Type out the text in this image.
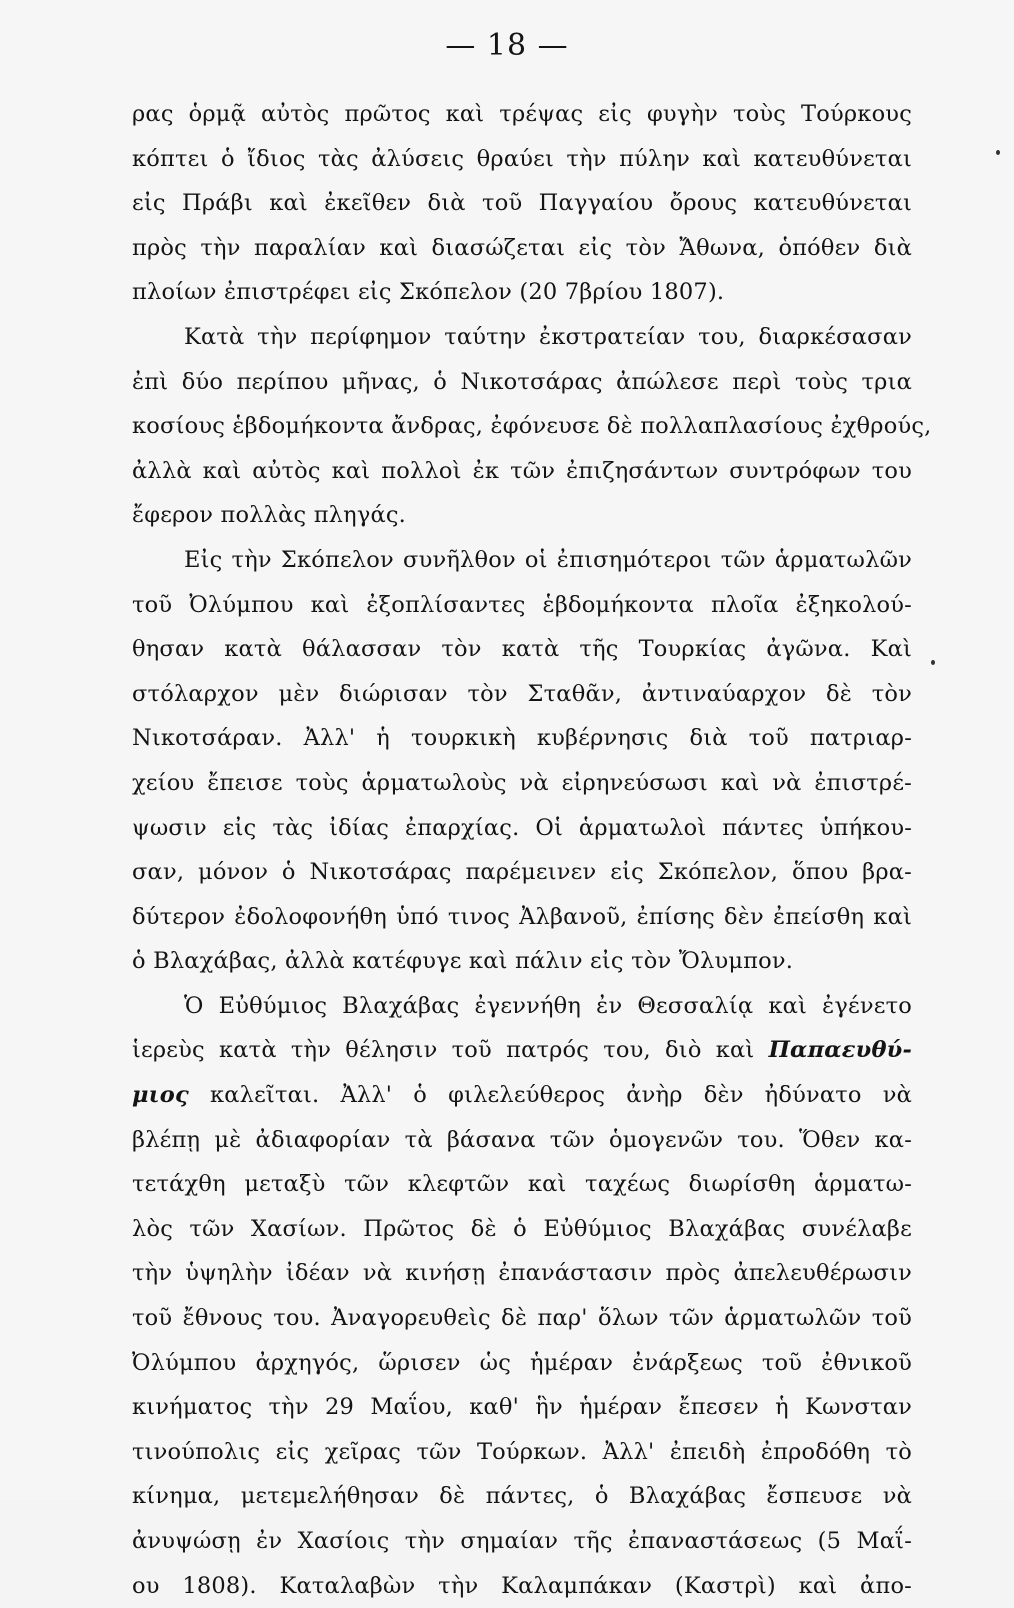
— 18 —
ρας ὁρμᾷ αὐτὸς πρῶτος καὶ τρέψας εἰς φυγὴν τοὺς Τούρκους
κόπτει ὁ ἴδιος τὰς ἀλύσεις θραύει τὴν πύλην καὶ κατευθύνεται
εἰς Πράβι καὶ ἐκεῖθεν διὰ τοῦ Παγγαίου ὄρους κατευθύνεται
πρὸς τὴν παραλίαν καὶ διασώζεται εἰς τὸν Ἄθωνα, ὁπόθεν διὰ
πλοίων ἐπιστρέφει εἰς Σκόπελον (20 7βρίου 1807).
Κατὰ τὴν περίφημον ταύτην ἐκστρατείαν του, διαρκέσασαν
ἐπὶ δύο περίπου μῆνας, ὁ Νικοτσάρας ἀπώλεσε περὶ τοὺς τρια
κοσίους ἑβδομήκοντα ἄνδρας, ἐφόνευσε δὲ πολλαπλασίους ἐχθρούς,
ἀλλὰ καὶ αὐτὸς καὶ πολλοὶ ἐκ τῶν ἐπιζησάντων συντρόφων του
ἔφερον πολλὰς πληγάς.
Εἰς τὴν Σκόπελον συνῆλθον οἱ ἐπισημότεροι τῶν ἁρματωλῶν
τοῦ Ὀλύμπου καὶ ἐξοπλίσαντες ἑβδομήκοντα πλοῖα ἐξηκολού-
θησαν κατὰ θάλασσαν τὸν κατὰ τῆς Τουρκίας ἀγῶνα. Καὶ
στόλαρχον μὲν διώρισαν τὸν Σταθᾶν, ἀντιναύαρχον δὲ τὸν
Νικοτσάραν. Ἀλλ' ἡ τουρκικὴ κυβέρνησις διὰ τοῦ πατριαρ-
χείου ἔπεισε τοὺς ἁρματωλοὺς νὰ εἰρηνεύσωσι καὶ νὰ ἐπιστρέ-
ψωσιν εἰς τὰς ἰδίας ἐπαρχίας. Οἱ ἁρματωλοὶ πάντες ὑπήκου-
σαν, μόνον ὁ Νικοτσάρας παρέμεινεν εἰς Σκόπελον, ὅπου βρα-
δύτερον ἐδολοφονήθη ὑπό τινος Ἀλβανοῦ, ἐπίσης δὲν ἐπείσθη καὶ
ὁ Βλαχάβας, ἀλλὰ κατέφυγε καὶ πάλιν εἰς τὸν Ὄλυμπον.
Ὁ Εὐθύμιος Βλαχάβας ἐγεννήθη ἐν Θεσσαλίᾳ καὶ ἐγένετο
ἱερεὺς κατὰ τὴν θέλησιν τοῦ πατρός του, διὸ καὶ Παπαευθύ-
μιος καλεῖται. Ἀλλ' ὁ φιλελεύθερος ἀνὴρ δὲν ἠδύνατο νὰ
βλέπῃ μὲ ἀδιαφορίαν τὰ βάσανα τῶν ὁμογενῶν του. Ὅθεν κα-
τετάχθη μεταξὺ τῶν κλεφτῶν καὶ ταχέως διωρίσθη ἁρματω-
λὸς τῶν Χασίων. Πρῶτος δὲ ὁ Εὐθύμιος Βλαχάβας συνέλαβε
τὴν ὑψηλὴν ἰδέαν νὰ κινήσῃ ἐπανάστασιν πρὸς ἀπελευθέρωσιν
τοῦ ἔθνους του. Ἀναγορευθεὶς δὲ παρ' ὅλων τῶν ἁρματωλῶν τοῦ
Ὀλύμπου ἀρχηγός, ὥρισεν ὡς ἡμέραν ἐνάρξεως τοῦ ἐθνικοῦ
κινήματος τὴν 29 Μαΐου, καθ' ἣν ἡμέραν ἔπεσεν ἡ Κωνσταν
τινούπολις εἰς χεῖρας τῶν Τούρκων. Ἀλλ' ἐπειδὴ ἐπροδόθη τὸ
κίνημα, μετεμελήθησαν δὲ πάντες, ὁ Βλαχάβας ἔσπευσε νὰ
ἀνυψώσῃ ἐν Χασίοις τὴν σημαίαν τῆς ἐπαναστάσεως (5 Μαΐ-
ου 1808). Καταλαβὼν τὴν Καλαμπάκαν (Καστρὶ) καὶ ἀπο-
